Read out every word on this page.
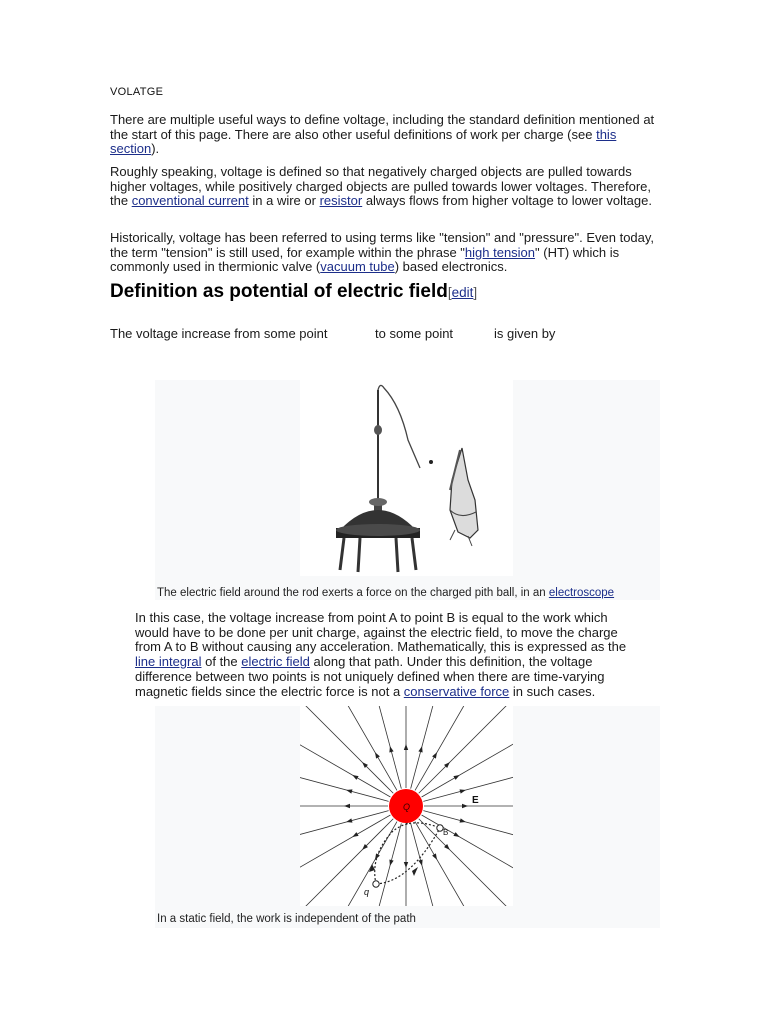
VOLATGE
There are multiple useful ways to define voltage, including the standard definition mentioned at the start of this page. There are also other useful definitions of work per charge (see this section).
Roughly speaking, voltage is defined so that negatively charged objects are pulled towards higher voltages, while positively charged objects are pulled towards lower voltages. Therefore, the conventional current in a wire or resistor always flows from higher voltage to lower voltage.
Historically, voltage has been referred to using terms like "tension" and "pressure". Even today, the term "tension" is still used, for example within the phrase "high tension" (HT) which is commonly used in thermionic valve (vacuum tube) based electronics.
Definition as potential of electric field[edit]
The voltage increase from some point	to some point	is given by
The electric field around the rod exerts a force on the charged pith ball, in an electroscope
In this case, the voltage increase from point A to point B is equal to the work which would have to be done per unit charge, against the electric field, to move the charge from A to B without causing any acceleration. Mathematically, this is expressed as the line integral of the electric field along that path. Under this definition, the voltage difference between two points is not uniquely defined when there are time-varying magnetic fields since the electric force is not a conservative force in such cases.
Q
E
B
q
In a static field, the work is independent of the path
